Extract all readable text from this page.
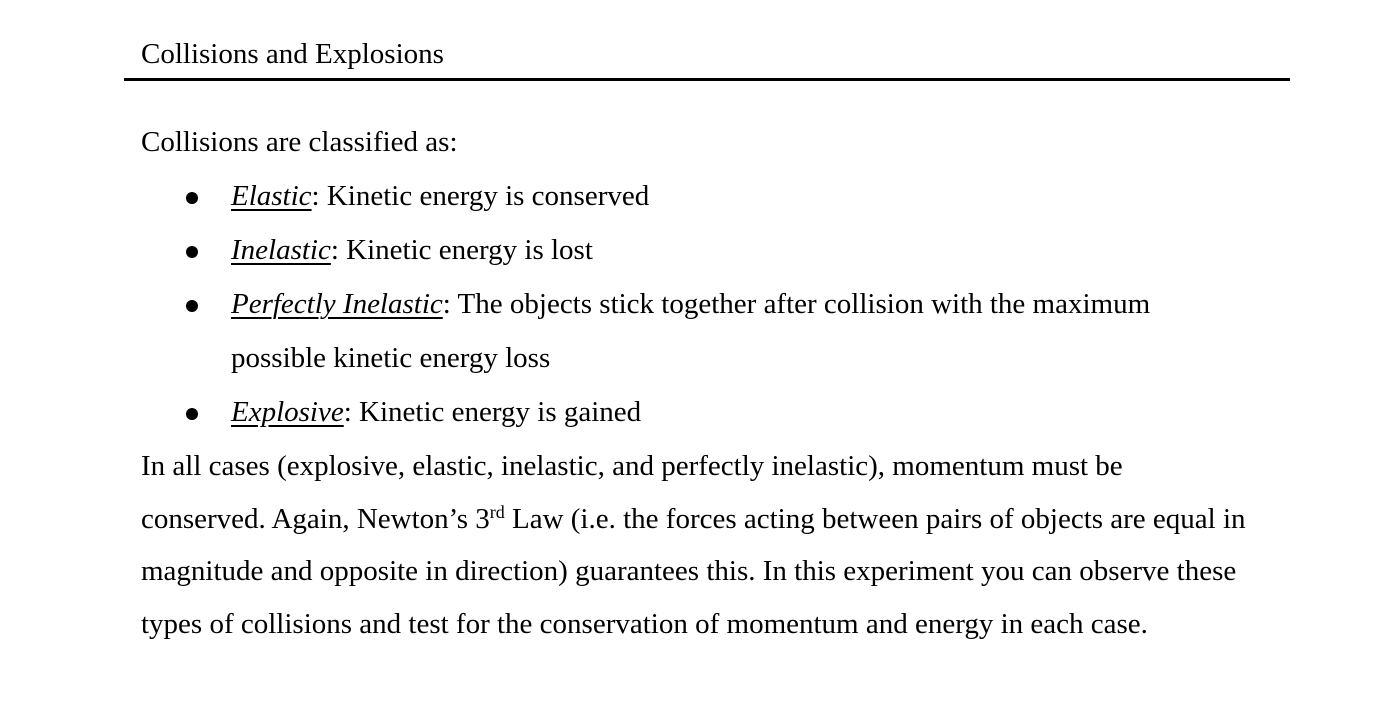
Collisions and Explosions
Collisions are classified as:
Elastic: Kinetic energy is conserved
Inelastic: Kinetic energy is lost
Perfectly Inelastic: The objects stick together after collision with the maximum possible kinetic energy loss
Explosive: Kinetic energy is gained

In all cases (explosive, elastic, inelastic, and perfectly inelastic), momentum must be conserved. Again, Newton’s 3rd Law (i.e. the forces acting between pairs of objects are equal in magnitude and opposite in direction) guarantees this. In this experiment you can observe these types of collisions and test for the conservation of momentum and energy in each case.
